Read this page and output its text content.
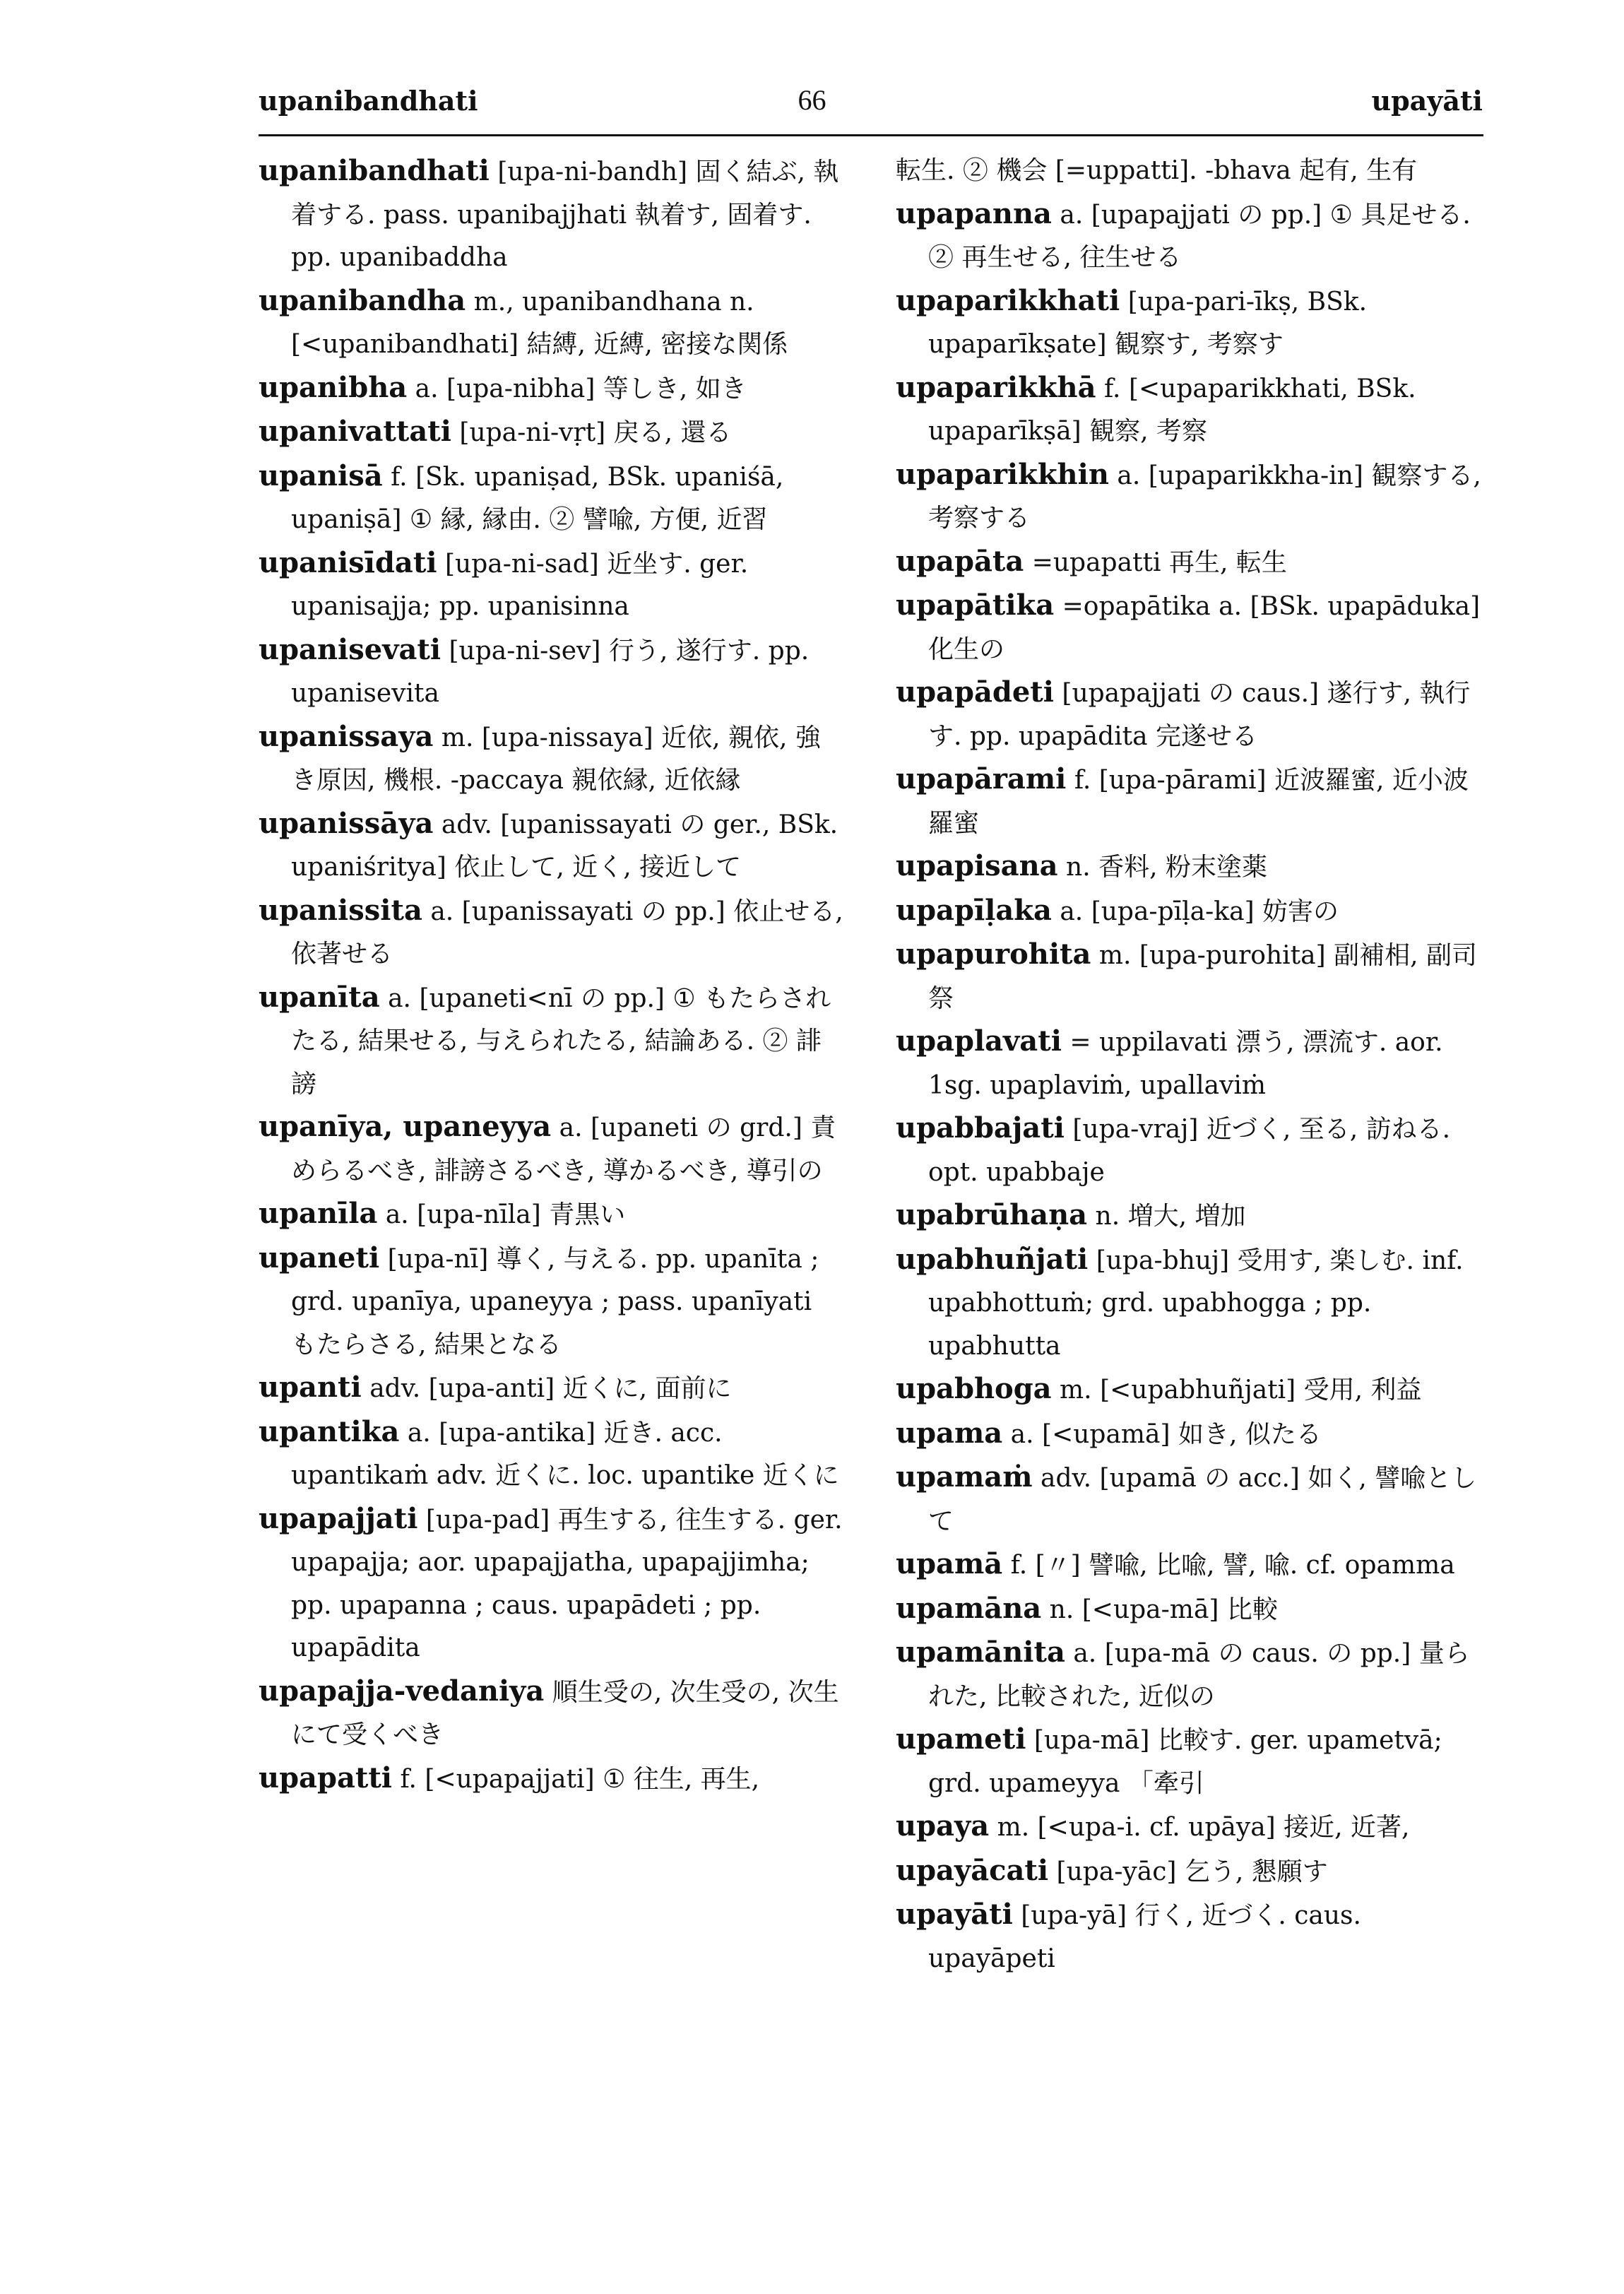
upanibandhati	66	upayāti

upanibandhati [upa-ni-bandh] 固く結ぶ, 執着する. pass. upanibajjhati 執着す, 固着す. pp. upanibaddha

upanibandha m., upanibandhana n. [<upanibandhati] 結縛, 近縛, 密接な関係

upanibha a. [upa-nibha] 等しき, 如き

upanivattati [upa-ni-vṛt] 戻る, 還る

upanisā f. [Sk. upaniṣad, BSk. upaniśā, upaniṣā] ① 縁, 縁由. ② 譬喩, 方便, 近習

upanisīdati [upa-ni-sad] 近坐す. ger. upanisajja; pp. upanisinna

upanisevati [upa-ni-sev] 行う, 遂行す. pp. upanisevita

upanissaya m. [upa-nissaya] 近依, 親依, 強き原因, 機根. -paccaya 親依縁, 近依縁

upanissāya adv. [upanissayati の ger., BSk. upaniśritya] 依止して, 近く, 接近して

upanissita a. [upanissayati の pp.] 依止せる, 依著せる

upanīta a. [upaneti<nī の pp.] ① もたらされたる, 結果せる, 与えられたる, 結論ある. ② 誹謗

upanīya, upaneyya a. [upaneti の grd.] 責めらるべき, 誹謗さるべき, 導かるべき, 導引の

upanīla a. [upa-nīla] 青黒い

upaneti [upa-nī] 導く, 与える. pp. upanīta ; grd. upanīya, upaneyya ; pass. upanīyati もたらさる, 結果となる

upanti adv. [upa-anti] 近くに, 面前に

upantika a. [upa-antika] 近き. acc. upantikaṁ adv. 近くに. loc. upantike 近くに

upapajjati [upa-pad] 再生する, 往生する. ger. upapajja; aor. upapajjatha, upapajjimha; pp. upapanna ; caus. upapādeti ; pp. upapādita

upapajja-vedaniya 順生受の, 次生受の, 次生にて受くべき

upapatti f. [<upapajjati] ① 往生, 再生,

転生. ② 機会 [=uppatti]. -bhava 起有, 生有

upapanna a. [upapajjati の pp.] ① 具足せる. ② 再生せる, 往生せる

upaparikkhati [upa-pari-īkṣ, BSk. upaparīkṣate] 観察す, 考察す

upaparikkhā f. [<upaparikkhati, BSk. upaparīkṣā] 観察, 考察

upaparikkhin a. [upaparikkha-in] 観察する, 考察する

upapāta =upapatti 再生, 転生

upapātika =opapātika a. [BSk. upapāduka] 化生の

upapādeti [upapajjati の caus.] 遂行す, 執行す. pp. upapādita 完遂せる

upapārami f. [upa-pārami] 近波羅蜜, 近小波羅蜜

upapisana n. 香料, 粉末塗薬

upapīḷaka a. [upa-pīḷa-ka] 妨害の

upapurohita m. [upa-purohita] 副補相, 副司祭

upaplavati = uppilavati 漂う, 漂流す. aor. 1sg. upaplaviṁ, upallaviṁ

upabbajati [upa-vraj] 近づく, 至る, 訪ねる. opt. upabbaje

upabrūhaṇa n. 増大, 増加

upabhuñjati [upa-bhuj] 受用す, 楽しむ. inf. upabhottuṁ; grd. upabhogga ; pp. upabhutta

upabhoga m. [<upabhuñjati] 受用, 利益

upama a. [<upamā] 如き, 似たる

upamaṁ adv. [upamā の acc.] 如く, 譬喩として

upamā f. [〃] 譬喩, 比喩, 譬, 喩. cf. opamma

upamāna n. [<upa-mā] 比較

upamānita a. [upa-mā の caus. の pp.] 量られた, 比較された, 近似の

upameti [upa-mā] 比較す. ger. upametvā; grd. upameyya 「牽引

upaya m. [<upa-i. cf. upāya] 接近, 近著,

upayācati [upa-yāc] 乞う, 懇願す

upayāti [upa-yā] 行く, 近づく. caus. upayāpeti
